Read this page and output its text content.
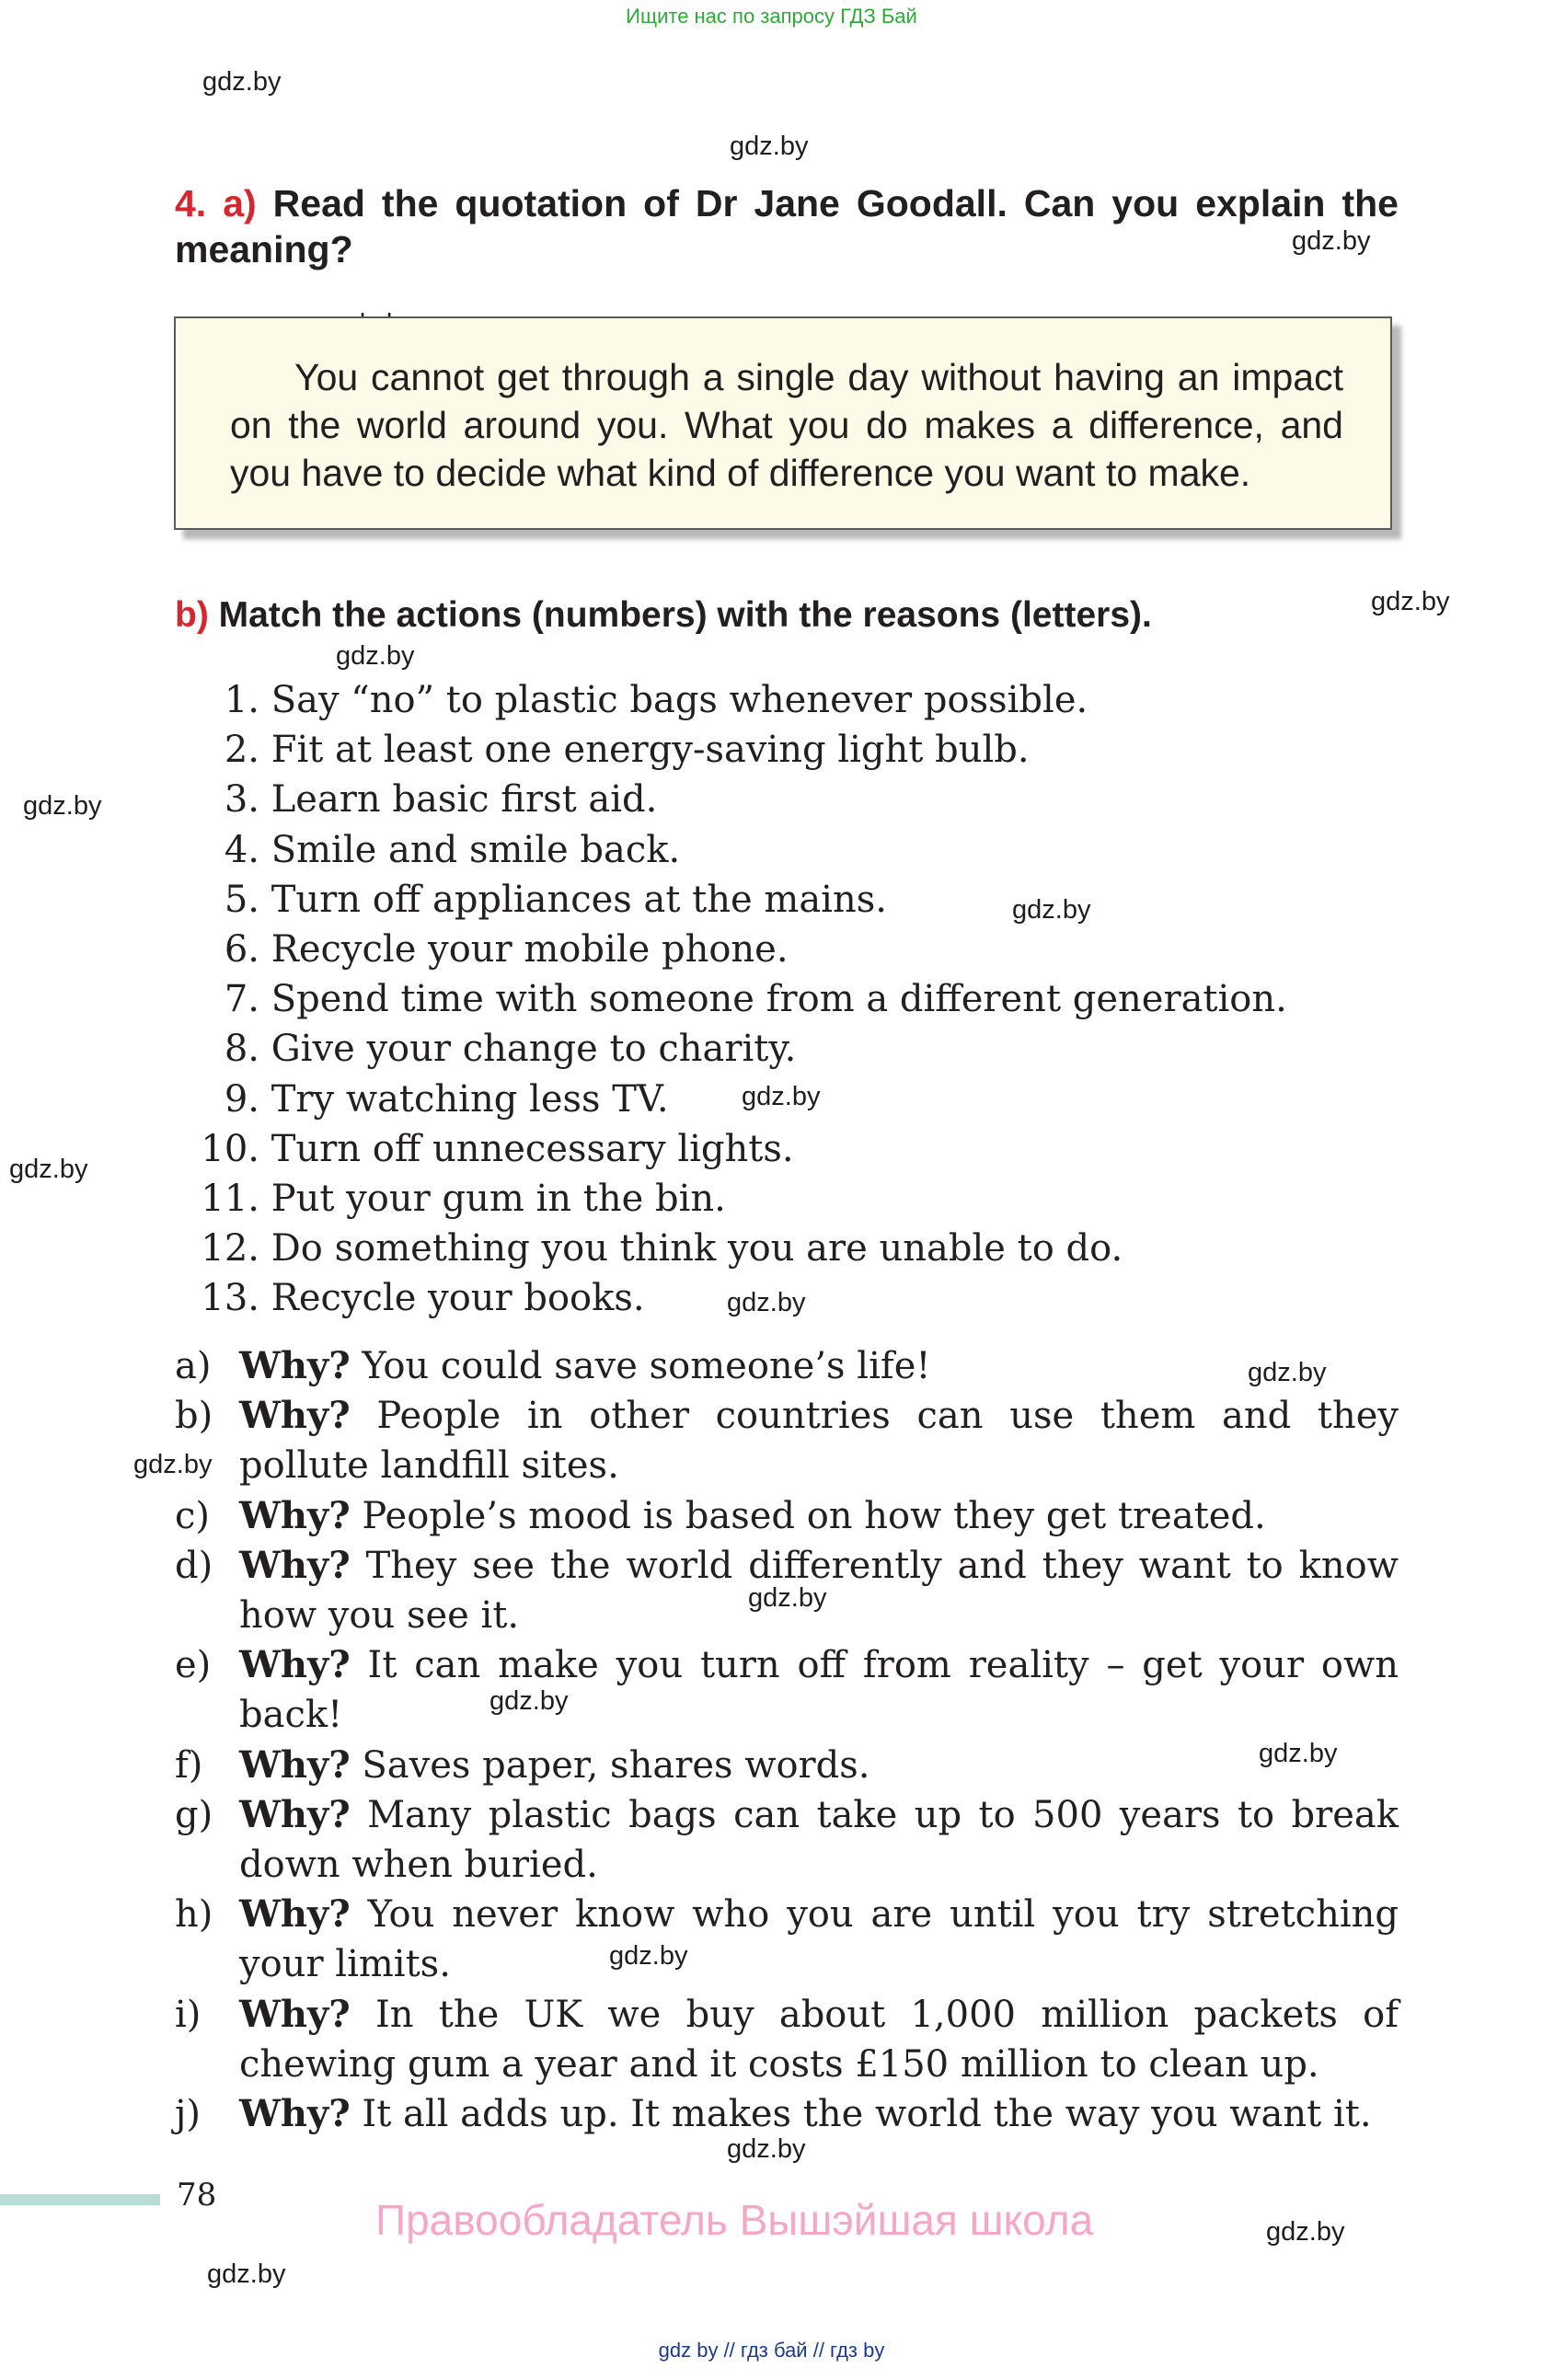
Ищите нас по запросу ГДЗ Бай
gdz.by
gdz.by
gdz.by
gdz.by
gdz.by
gdz.by
gdz.by
gdz.by
gdz.by
gdz.by
gdz.by
gdz.by
gdz.by
gdz.by
gdz.by
gdz.by
gdz.by
gdz.by
gdz.by
4. a) Read the quotation of Dr Jane Goodall. Can you explain the meaning?
You cannot get through a single day without having an impact on the world around you. What you do makes a difference, and you have to decide what kind of difference you want to make.
b) Match the actions (numbers) with the reasons (letters).
1. Say “no” to plastic bags whenever possible.
2. Fit at least one energy-saving light bulb.
3. Learn basic first aid.
4. Smile and smile back.
5. Turn off appliances at the mains.
6. Recycle your mobile phone.
7. Spend time with someone from a different generation.
8. Give your change to charity.
9. Try watching less TV.
10. Turn off unnecessary lights.
11. Put your gum in the bin.
12. Do something you think you are unable to do.
13. Recycle your books.
a) Why? You could save someone’s life!
b) Why? People in other countries can use them and they pollute landfill sites.
c) Why? People’s mood is based on how they get treated.
d) Why? They see the world differently and they want to know how you see it.
e) Why? It can make you turn off from reality – get your own back!
f) Why? Saves paper, shares words.
g) Why? Many plastic bags can take up to 500 years to break down when buried.
h) Why? You never know who you are until you try stretching your limits.
i) Why? In the UK we buy about 1,000 million packets of chewing gum a year and it costs £150 million to clean up.
j) Why? It all adds up. It makes the world the way you want it.
78
Правообладатель Вышэйшая школа
gdz by // гдз бай // гдз by
